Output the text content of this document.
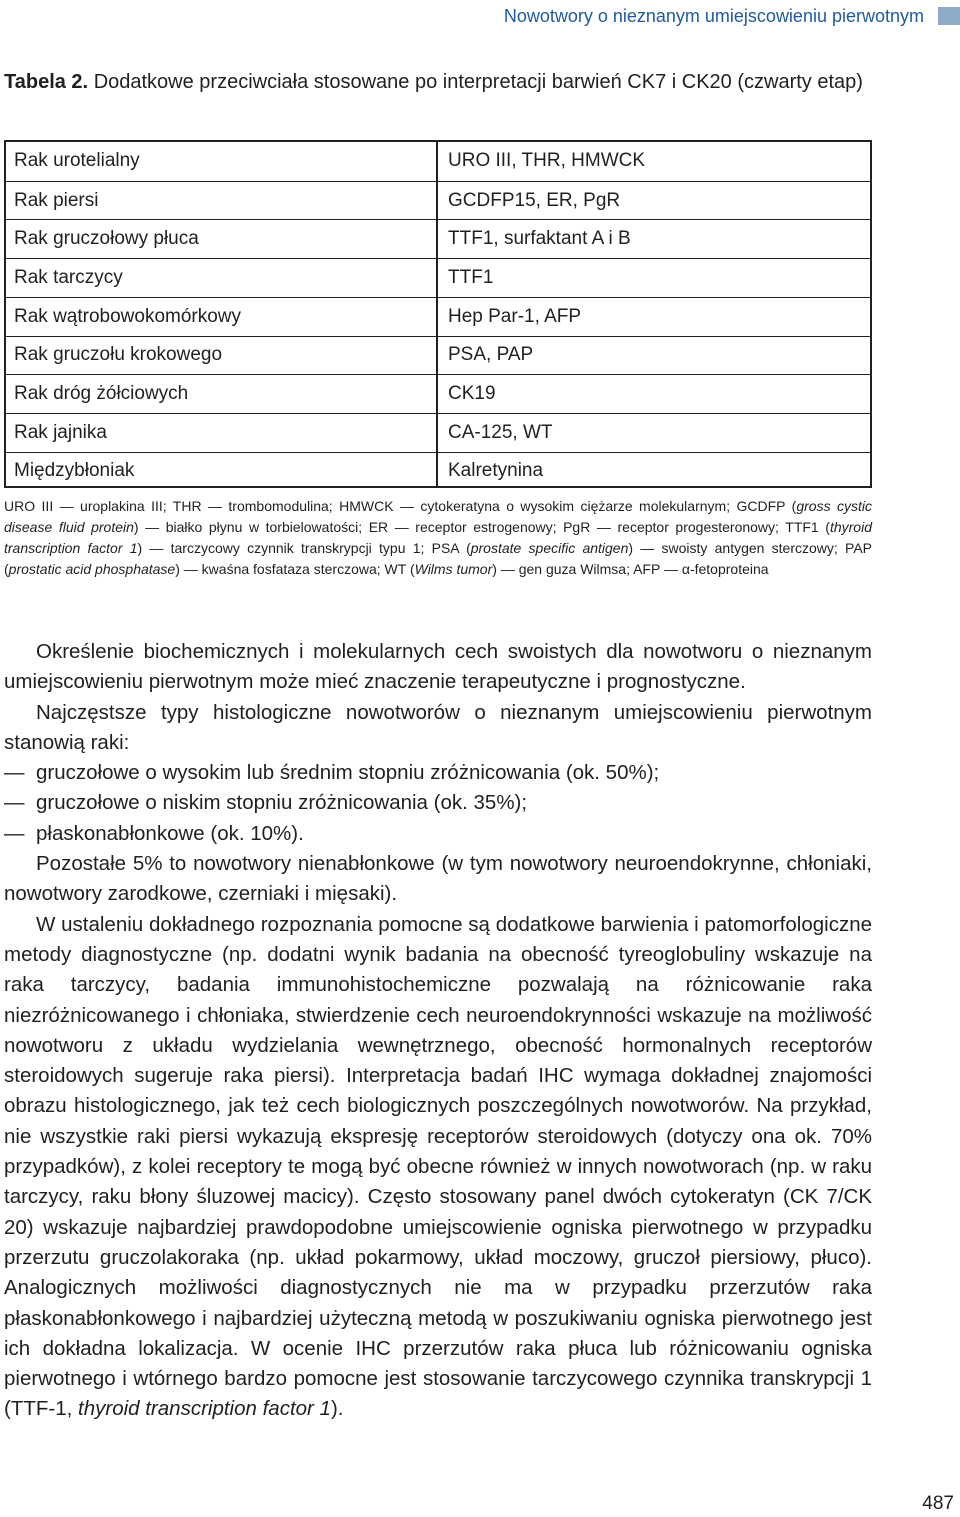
Nowotwory o nieznanym umiejscowieniu pierwotnym
Tabela 2. Dodatkowe przeciwciała stosowane po interpretacji barwień CK7 i CK20 (czwarty etap)
Rak urotelialny	URO III, THR, HMWCK
Rak piersi	GCDFP15, ER, PgR
Rak gruczołowy płuca	TTF1, surfaktant A i B
Rak tarczycy	TTF1
Rak wątrobowokomórkowy	Hep Par-1, AFP
Rak gruczołu krokowego	PSA, PAP
Rak dróg żółciowych	CK19
Rak jajnika	CA-125, WT
Międzybłoniak	Kalretynina
URO III — uroplakina III; THR — trombomodulina; HMWCK — cytokeratyna o wysokim ciężarze molekularnym; GCDFP (gross cystic disease fluid protein) — białko płynu w torbielowatości; ER — receptor estrogenowy; PgR — receptor progesteronowy; TTF1 (thyroid transcription factor 1) — tarczycowy czynnik transkrypcji typu 1; PSA (prostate specific antigen) — swoisty antygen sterczowy; PAP (prostatic acid phosphatase) — kwaśna fosfataza sterczowa; WT (Wilms tumor) — gen guza Wilmsa; AFP — α-fetoproteina

Określenie biochemicznych i molekularnych cech swoistych dla nowotworu o nieznanym umiejscowieniu pierwotnym może mieć znaczenie terapeutyczne i prognostyczne.

Najczęstsze typy histologiczne nowotworów o nieznanym umiejscowieniu pierwotnym stanowią raki:

— gruczołowe o wysokim lub średnim stopniu zróżnicowania (ok. 50%);
— gruczołowe o niskim stopniu zróżnicowania (ok. 35%);
— płaskonabłonkowe (ok. 10%).

Pozostałe 5% to nowotwory nienabłonkowe (w tym nowotwory neuroendokrynne, chłoniaki, nowotwory zarodkowe, czerniaki i mięsaki).

W ustaleniu dokładnego rozpoznania pomocne są dodatkowe barwienia i patomorfologiczne metody diagnostyczne (np. dodatni wynik badania na obecność tyreoglobuliny wskazuje na raka tarczycy, badania immunohistochemiczne pozwalają na różnicowanie raka niezróżnicowanego i chłoniaka, stwierdzenie cech neuroendokrynności wskazuje na możliwość nowotworu z układu wydzielania wewnętrznego, obecność hormonalnych receptorów steroidowych sugeruje raka piersi). Interpretacja badań IHC wymaga dokładnej znajomości obrazu histologicznego, jak też cech biologicznych poszczególnych nowotworów. Na przykład, nie wszystkie raki piersi wykazują ekspresję receptorów steroidowych (dotyczy ona ok. 70% przypadków), z kolei receptory te mogą być obecne również w innych nowotworach (np. w raku tarczycy, raku błony śluzowej macicy). Często stosowany panel dwóch cytokeratyn (CK 7/CK 20) wskazuje najbardziej prawdopodobne umiejscowienie ogniska pierwotnego w przypadku przerzutu gruczolakoraka (np. układ pokarmowy, układ moczowy, gruczoł piersiowy, płuco). Analogicznych możliwości diagnostycznych nie ma w przypadku przerzutów raka płaskonabłonkowego i najbardziej użyteczną metodą w poszukiwaniu ogniska pierwotnego jest ich dokładna lokalizacja. W ocenie IHC przerzutów raka płuca lub różnicowaniu ogniska pierwotnego i wtórnego bardzo pomocne jest stosowanie tarczycowego czynnika transkrypcji 1 (TTF-1, thyroid transcription factor 1).

487
